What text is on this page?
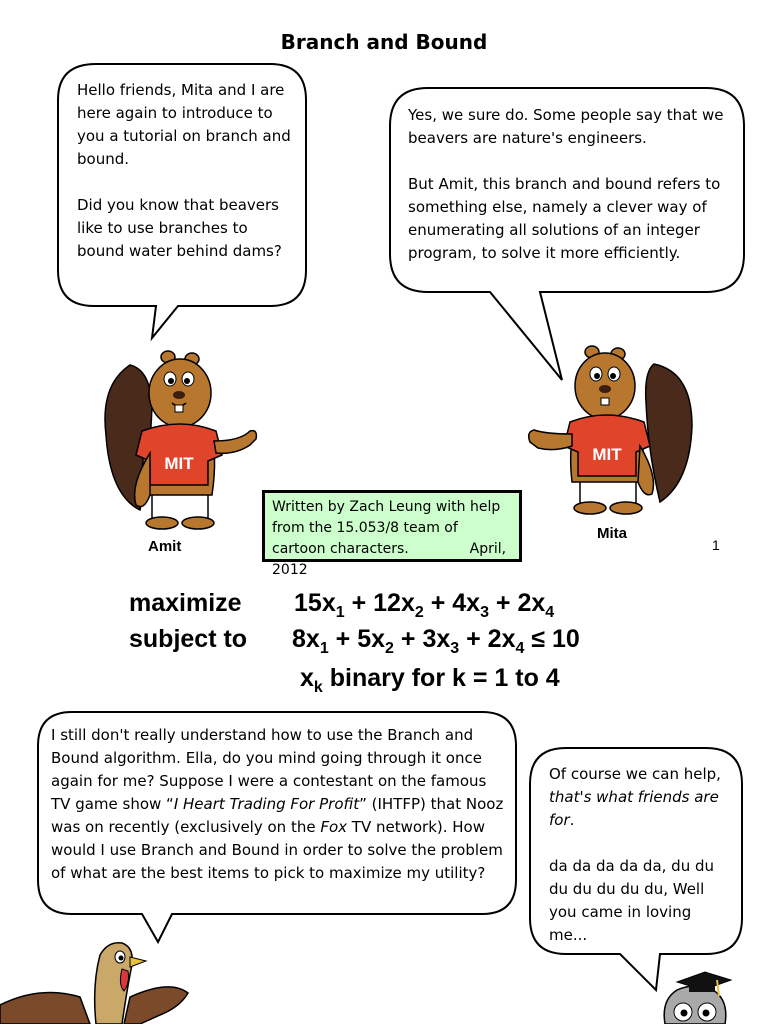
Branch and Bound

Hello friends, Mita and I are here again to introduce to you a tutorial on branch and bound.

Did you know that beavers like to use branches to bound water behind dams?

Yes, we sure do. Some people say that we beavers are nature's engineers.

But Amit, this branch and bound refers to something else, namely a clever way of enumerating all solutions of an integer program, to solve it more efficiently.

MIT
Amit
MIT
Mita
Written by Zach Leung with help from the 15.053/8 team of cartoon characters.	April, 2012
1
maximize $15x_1 + 12x_2 + 4x_3 + 2x_4$
subject to $8x_1 + 5x_2 + 3x_3 + 2x_4 \le 10$
$x_k$ binary for k = 1 to 4
I still don't really understand how to use the Branch and Bound algorithm. Ella, do you mind going through it once again for me? Suppose I were a contestant on the famous TV game show “I Heart Trading For Profit” (IHTFP) that Nooz was on recently (exclusively on the Fox TV network). How would I use Branch and Bound in order to solve the problem of what are the best items to pick to maximize my utility?

Of course we can help, that's what friends are for.

da da da da da, du du du du du du du, Well you came in loving me...
